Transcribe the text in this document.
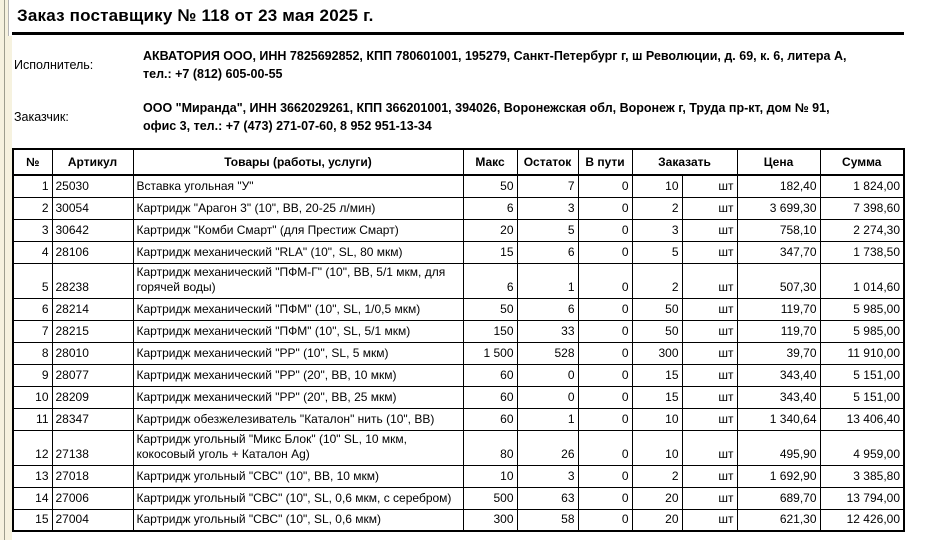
Заказ поставщику № 118 от 23 мая 2025 г.
Исполнитель:
АКВАТОРИЯ ООО, ИНН 7825692852, КПП 780601001, 195279, Санкт-Петербург г, ш Революции, д. 69, к. 6, литера А,
тел.: +7 (812) 605-00-55
Заказчик:
ООО "Миранда", ИНН 3662029261, КПП 366201001, 394026, Воронежская обл, Воронеж г, Труда пр-кт, дом № 91,
офис 3, тел.: +7 (473) 271-07-60, 8 952 951-13-34
№	Артикул	Товары (работы, услуги)	Макс	Остаток	В пути	Заказать		Цена	Сумма
1	25030	Вставка угольная "У"	50	7	0	10	шт	182,40	1 824,00
2	30054	Картридж "Арагон 3" (10", ВВ, 20-25 л/мин)	6	3	0	2	шт	3 699,30	7 398,60
3	30642	Картридж "Комби Смарт" (для Престиж Смарт)	20	5	0	3	шт	758,10	2 274,30
4	28106	Картридж механический "RLA" (10", SL, 80 мкм)	15	6	0	5	шт	347,70	1 738,50
5	28238	Картридж механический "ПФМ-Г" (10", ВВ, 5/1 мкм, для горячей воды)	6	1	0	2	шт	507,30	1 014,60
6	28214	Картридж механический "ПФМ" (10", SL, 1/0,5 мкм)	50	6	0	50	шт	119,70	5 985,00
7	28215	Картридж механический "ПФМ" (10", SL, 5/1 мкм)	150	33	0	50	шт	119,70	5 985,00
8	28010	Картридж механический "РР" (10", SL, 5 мкм)	1 500	528	0	300	шт	39,70	11 910,00
9	28077	Картридж механический "РР" (20", ВВ, 10 мкм)	60	0	0	15	шт	343,40	5 151,00
10	28209	Картридж механический "РР" (20", ВВ, 25 мкм)	60	0	0	15	шт	343,40	5 151,00
11	28347	Картридж обезжелезиватель "Каталон" нить (10", ВВ)	60	1	0	10	шт	1 340,64	13 406,40
12	27138	Картридж угольный "Микс Блок" (10" SL, 10 мкм, кокосовый уголь + Каталон Ag)	80	26	0	10	шт	495,90	4 959,00
13	27018	Картридж угольный "СВС" (10", ВВ, 10 мкм)	10	3	0	2	шт	1 692,90	3 385,80
14	27006	Картридж угольный "СВС" (10", SL, 0,6 мкм, с серебром)	500	63	0	20	шт	689,70	13 794,00
15	27004	Картридж угольный "СВС" (10", SL, 0,6 мкм)	300	58	0	20	шт	621,30	12 426,00
